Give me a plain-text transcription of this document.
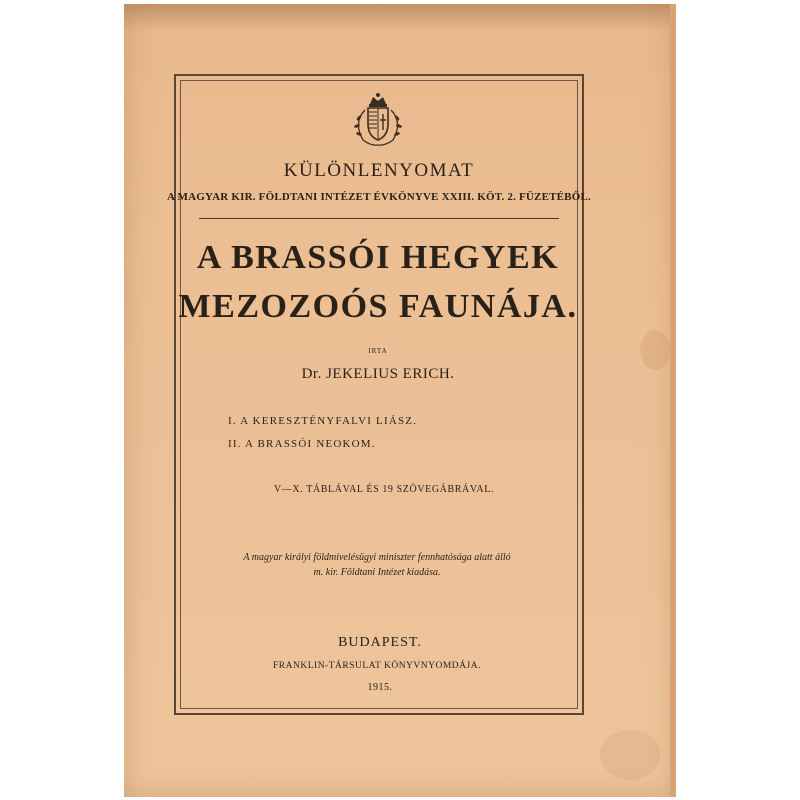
KÜLÖNLENYOMAT
A MAGYAR KIR. FÖLDTANI INTÉZET ÉVKÖNYVE XXIII. KÖT. 2. FÜZETÉBŐL.
A BRASSÓI HEGYEK
MEZOZOÓS FAUNÁJA.
IRTA
Dr. JEKELIUS ERICH.
I. A KERESZTÉNYFALVI LIÁSZ.
II. A BRASSÓI NEOKOM.
V—X. TÁBLÁVAL ÉS 19 SZÖVEGÁBRÁVAL.
A magyar királyi földmivelésügyi miniszter fennhatósága alatt álló
m. kir. Földtani Intézet kiadása.
BUDAPEST.
FRANKLIN-TÁRSULAT KÖNYVNYOMDÁJA.
1915.
